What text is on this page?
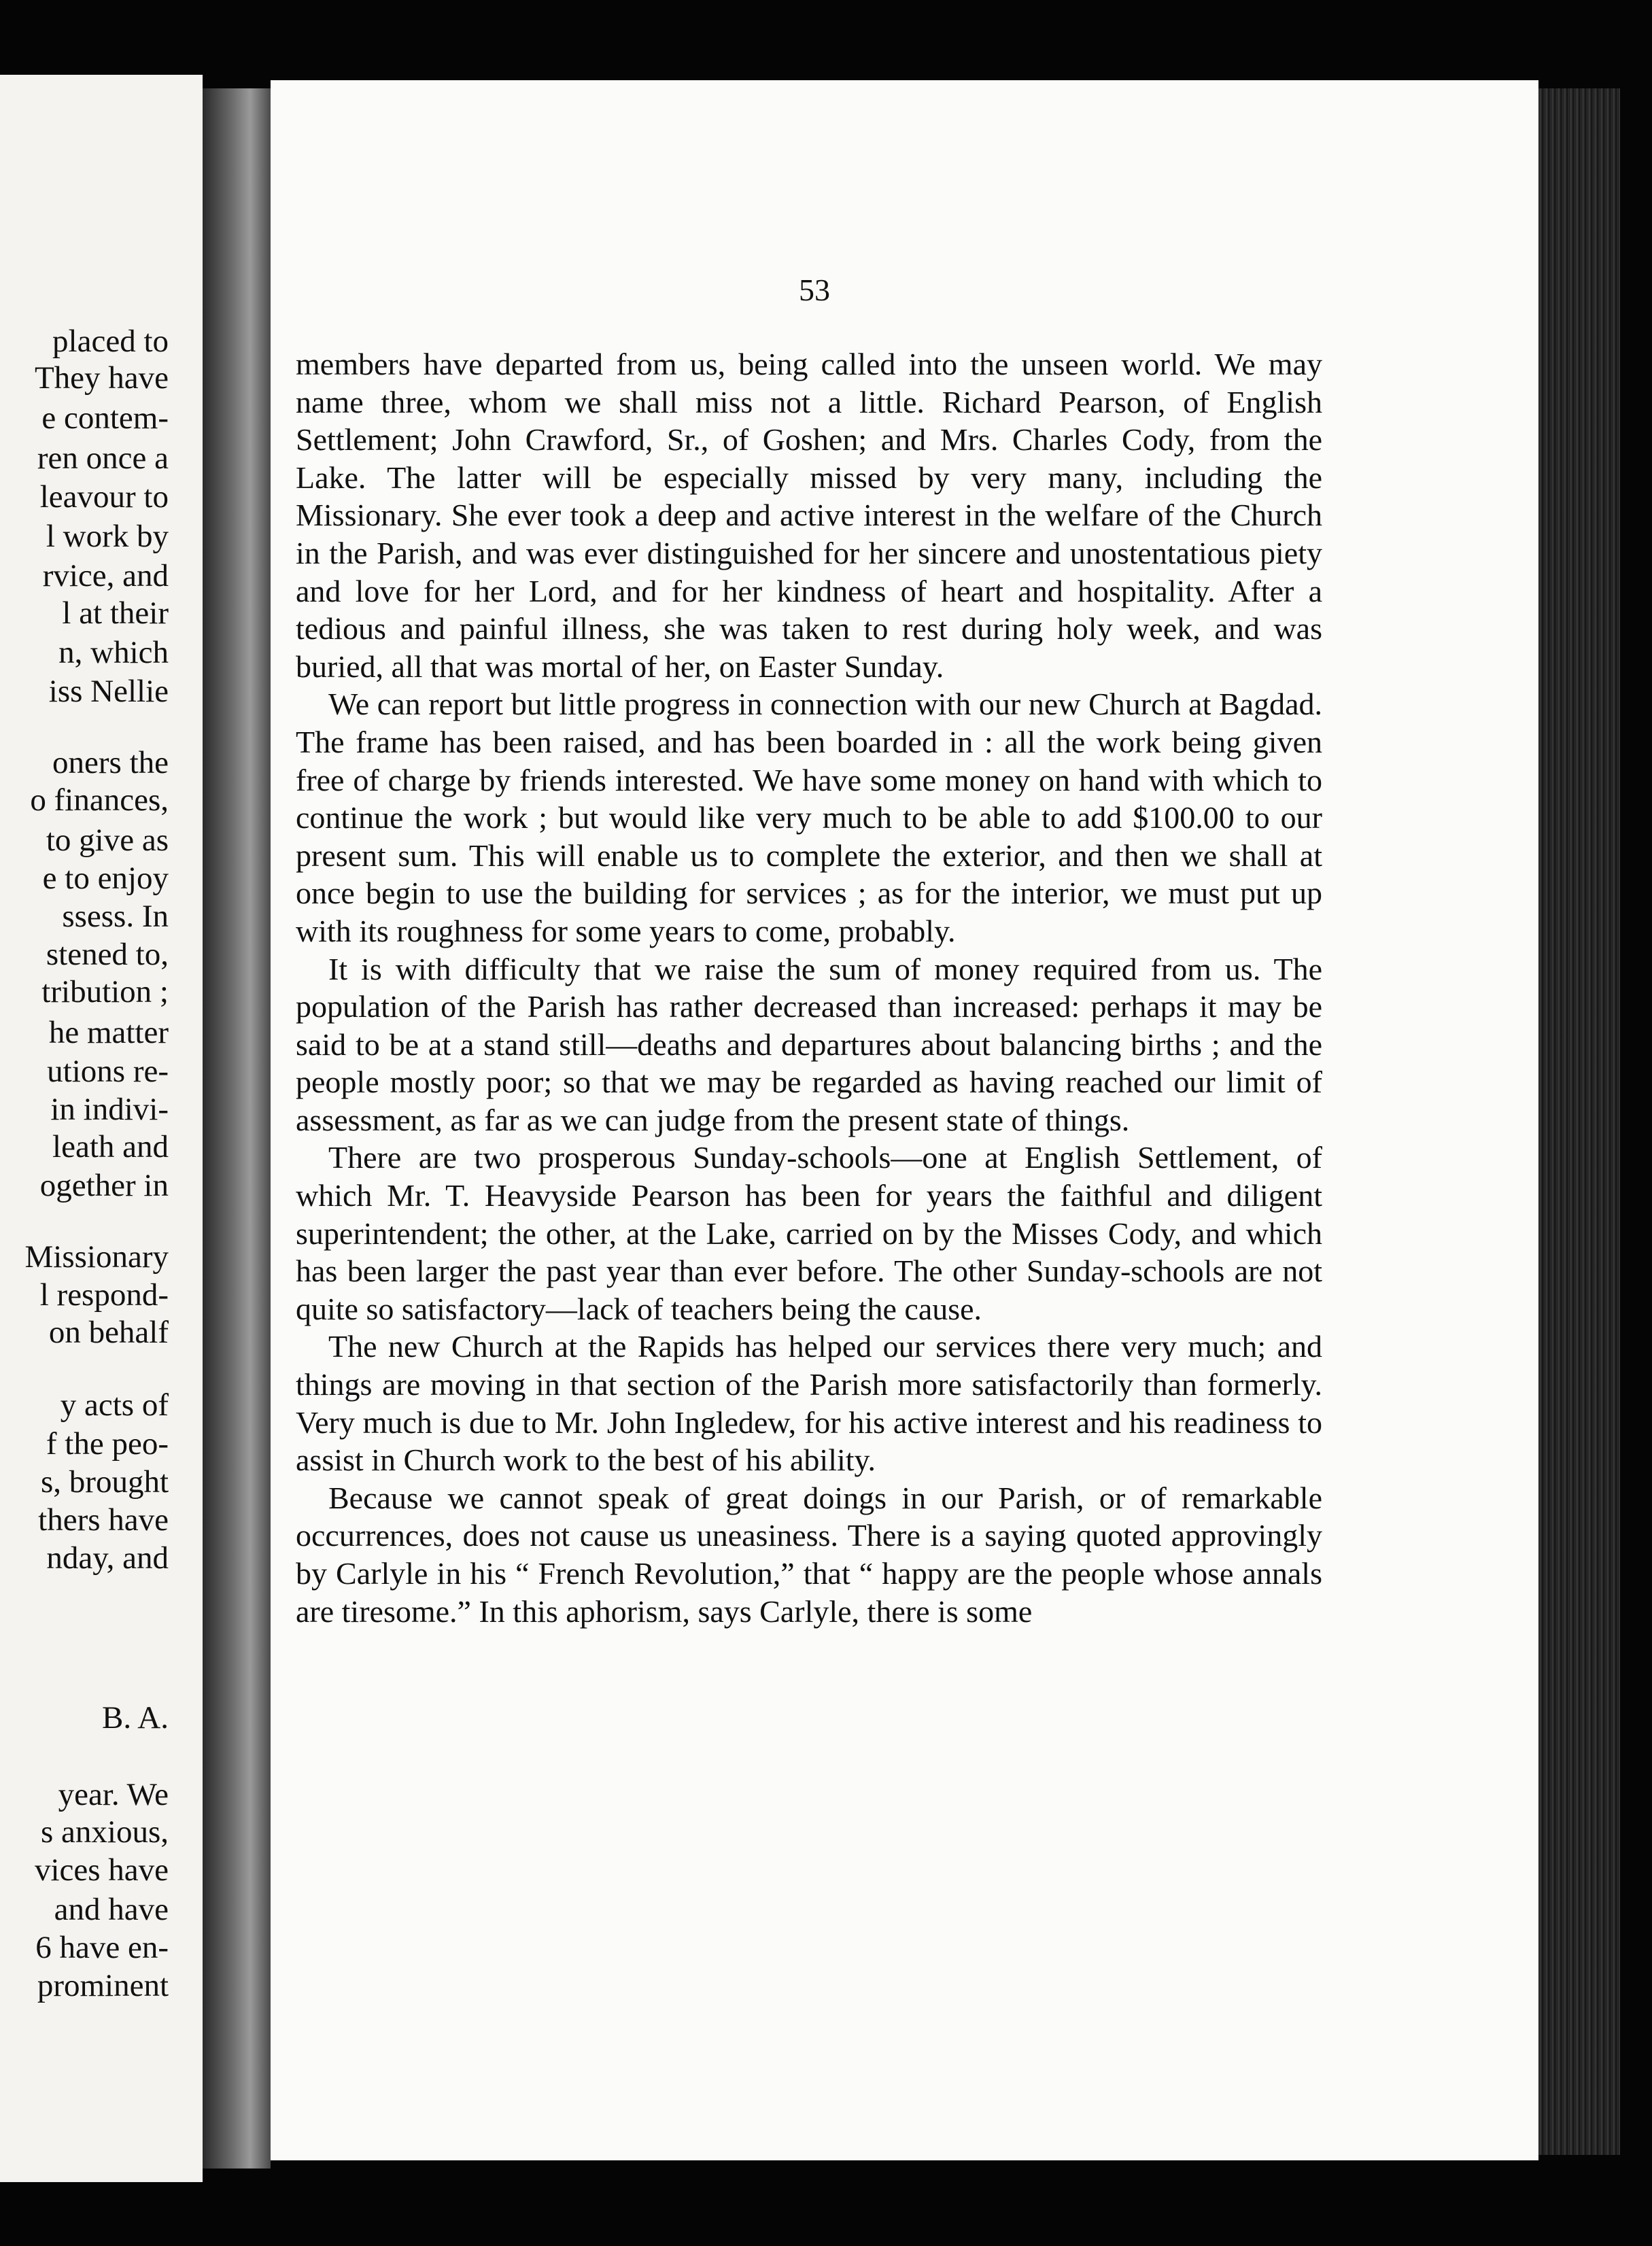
placed to
They have
e contem-
ren once a
leavour to
l work by
rvice, and
l at their
n, which
iss Nellie
oners the
o finances,
to give as
e to enjoy
ssess. In
stened to,
tribution ;
he matter
utions re-
in indivi-
leath and
ogether in
Missionary
l respond-
on behalf
y acts of
f the peo-
s, brought
thers have
nday, and
B. A.
year. We
s anxious,
vices have
and have
6 have en-
prominent
53

members have departed from us, being called into the unseen world. We may name three, whom we shall miss not a little. Richard Pearson, of English Settlement; John Crawford, Sr., of Goshen; and Mrs. Charles Cody, from the Lake. The latter will be especially missed by very many, including the Missionary. She ever took a deep and active interest in the welfare of the Church in the Parish, and was ever distinguished for her sincere and unostentatious piety and love for her Lord, and for her kindness of heart and hospitality. After a tedious and painful illness, she was taken to rest during holy week, and was buried, all that was mortal of her, on Easter Sunday.

We can report but little progress in connection with our new Church at Bagdad. The frame has been raised, and has been boarded in : all the work being given free of charge by friends interested. We have some money on hand with which to continue the work ; but would like very much to be able to add $100.00 to our present sum. This will enable us to complete the exterior, and then we shall at once begin to use the building for services ; as for the interior, we must put up with its roughness for some years to come, probably.

It is with difficulty that we raise the sum of money required from us. The population of the Parish has rather decreased than increased: perhaps it may be said to be at a stand still—deaths and departures about balancing births ; and the people mostly poor; so that we may be regarded as having reached our limit of assessment, as far as we can judge from the present state of things.

There are two prosperous Sunday-schools—one at English Settlement, of which Mr. T. Heavyside Pearson has been for years the faithful and diligent superintendent; the other, at the Lake, carried on by the Misses Cody, and which has been larger the past year than ever before. The other Sunday-schools are not quite so satisfactory—lack of teachers being the cause.

The new Church at the Rapids has helped our services there very much; and things are moving in that section of the Parish more satisfactorily than formerly. Very much is due to Mr. John Ingledew, for his active interest and his readiness to assist in Church work to the best of his ability.

Because we cannot speak of great doings in our Parish, or of remarkable occurrences, does not cause us uneasiness. There is a saying quoted approvingly by Carlyle in his “ French Revolution,” that “ happy are the people whose annals are tiresome.” In this aphorism, says Carlyle, there is some
